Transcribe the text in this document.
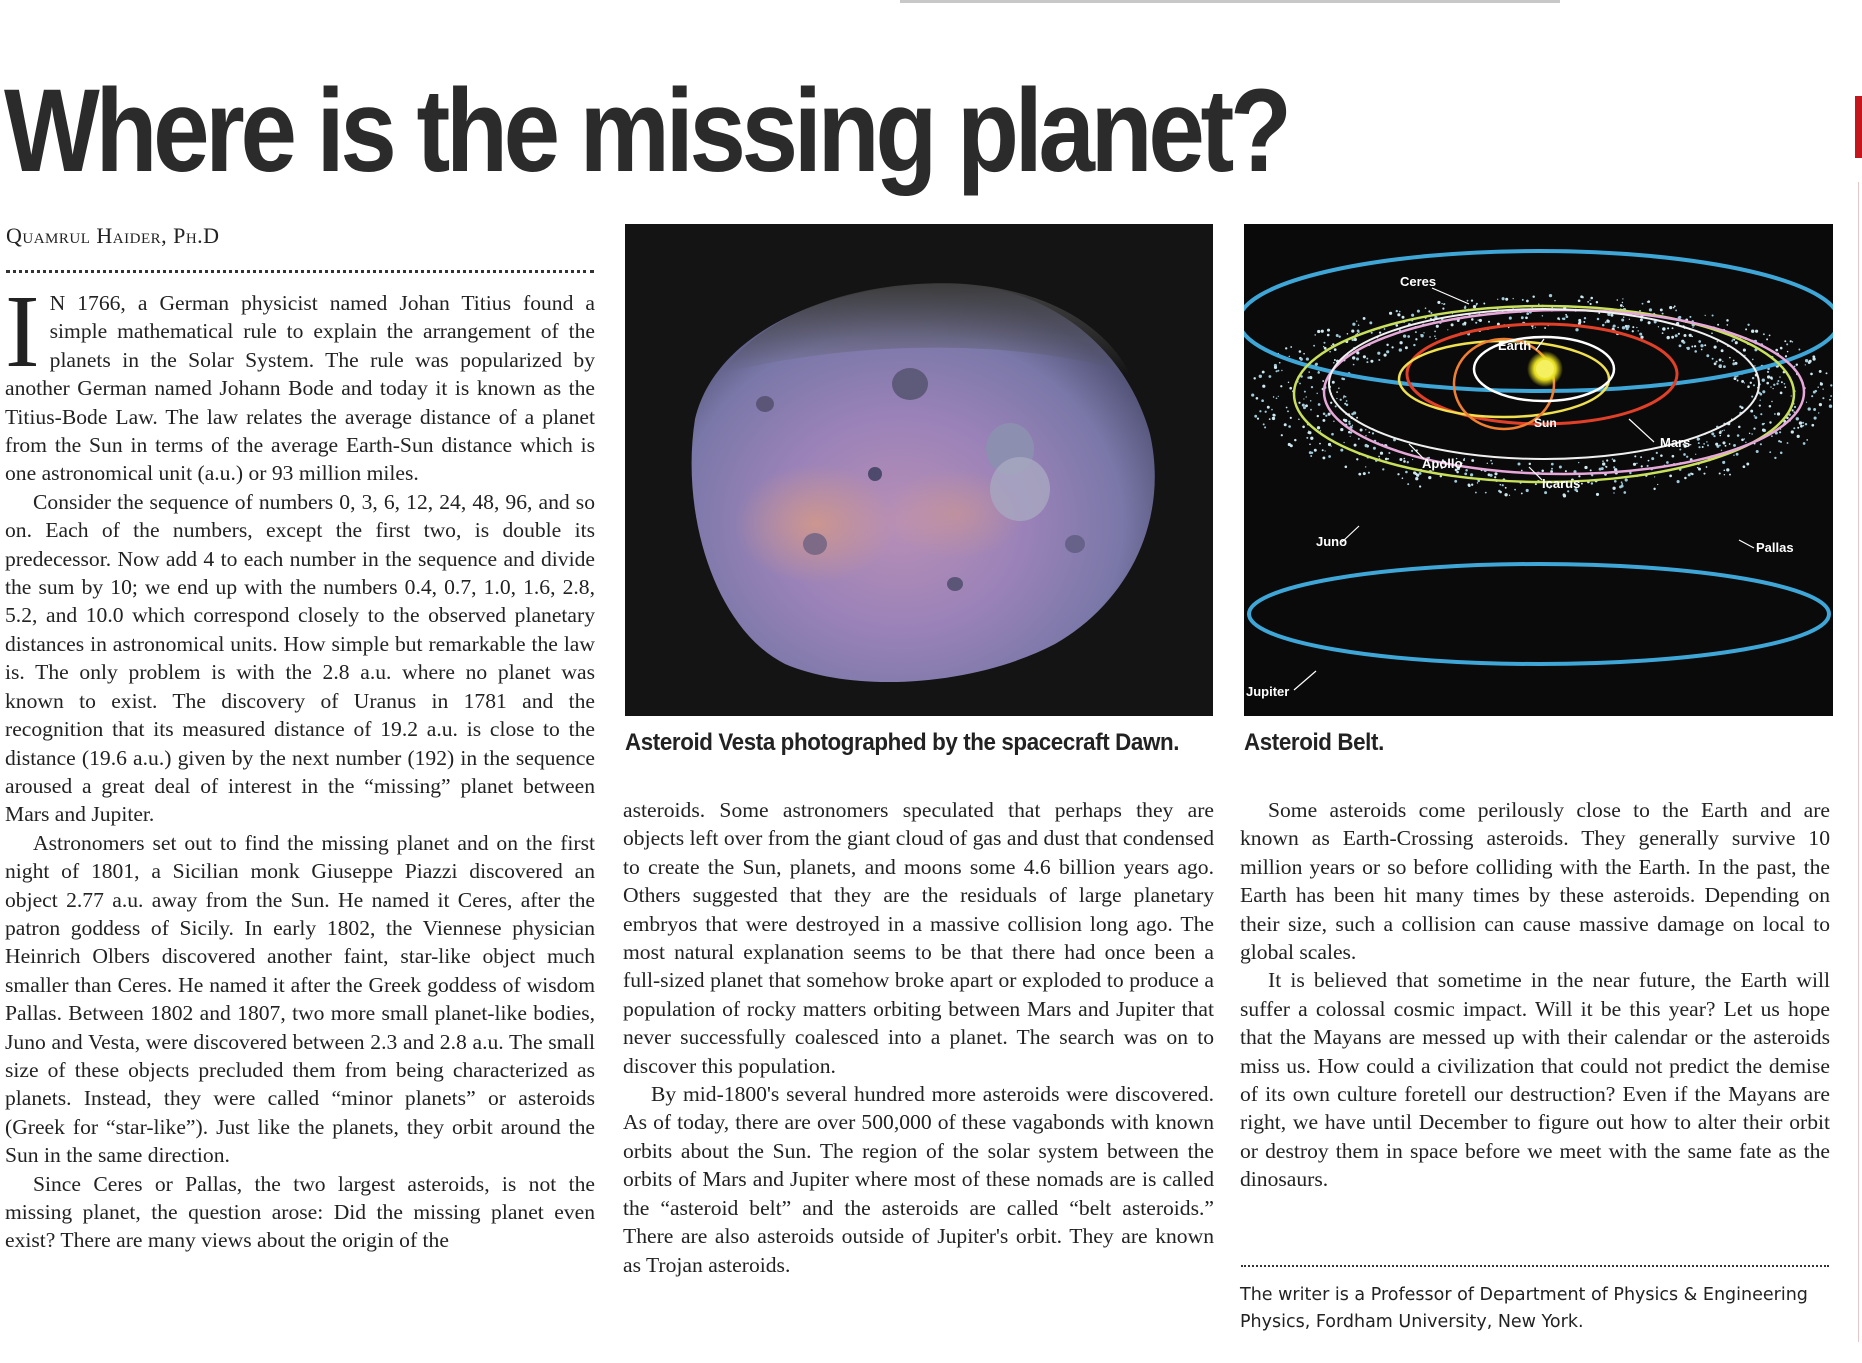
Where is the missing planet?
Quamrul Haider, Ph.D
I N 1766, a German physicist named Johan Titius found a simple mathematical rule to explain the arrangement of the planets in the Solar System. The rule was popularized by another German named Johann Bode and today it is known as the Titius-Bode Law. The law relates the average distance of a planet from the Sun in terms of the average Earth-Sun distance which is one astronomical unit (a.u.) or 93 million miles.

Consider the sequence of numbers 0, 3, 6, 12, 24, 48, 96, and so on. Each of the numbers, except the first two, is double its predecessor. Now add 4 to each number in the sequence and divide the sum by 10; we end up with the numbers 0.4, 0.7, 1.0, 1.6, 2.8, 5.2, and 10.0 which correspond closely to the observed planetary distances in astronomical units. How simple but remarkable the law is. The only problem is with the 2.8 a.u. where no planet was known to exist. The discovery of Uranus in 1781 and the recognition that its measured distance of 19.2 a.u. is close to the distance (19.6 a.u.) given by the next number (192) in the sequence aroused a great deal of interest in the “missing” planet between Mars and Jupiter.

Astronomers set out to find the missing planet and on the first night of 1801, a Sicilian monk Giuseppe Piazzi discovered an object 2.77 a.u. away from the Sun. He named it Ceres, after the patron goddess of Sicily. In early 1802, the Viennese physician Heinrich Olbers discovered another faint, star-like object much smaller than Ceres. He named it after the Greek goddess of wisdom Pallas. Between 1802 and 1807, two more small planet-like bodies, Juno and Vesta, were discovered between 2.3 and 2.8 a.u. The small size of these objects precluded them from being characterized as planets. Instead, they were called “minor planets” or asteroids (Greek for “star-like”). Just like the planets, they orbit around the Sun in the same direction.

Since Ceres or Pallas, the two largest asteroids, is not the missing planet, the question arose: Did the missing planet even exist? There are many views about the origin of the

Asteroid Vesta photographed by the spacecraft Dawn.
Ceres
Earth
Sun
Mars
Apollo
Icarus
Juno	Pallas
Jupiter
Asteroid Belt.

asteroids. Some astronomers speculated that perhaps they are objects left over from the giant cloud of gas and dust that condensed to create the Sun, planets, and moons some 4.6 billion years ago. Others suggested that they are the residuals of large planetary embryos that were destroyed in a massive collision long ago. The most natural explanation seems to be that there had once been a full-sized planet that somehow broke apart or exploded to produce a population of rocky matters orbiting between Mars and Jupiter that never successfully coalesced into a planet. The search was on to discover this population.

By mid-1800's several hundred more asteroids were discovered. As of today, there are over 500,000 of these vagabonds with known orbits about the Sun. The region of the solar system between the orbits of Mars and Jupiter where most of these nomads are is called the “asteroid belt” and the asteroids are called “belt asteroids.” There are also asteroids outside of Jupiter's orbit. They are known as Trojan asteroids.

Some asteroids come perilously close to the Earth and are known as Earth-Crossing asteroids. They generally survive 10 million years or so before colliding with the Earth. In the past, the Earth has been hit many times by these asteroids. Depending on their size, such a collision can cause massive damage on local to global scales.

It is believed that sometime in the near future, the Earth will suffer a colossal cosmic impact. Will it be this year? Let us hope that the Mayans are messed up with their calendar or the asteroids miss us. How could a civilization that could not predict the demise of its own culture foretell our destruction? Even if the Mayans are right, we have until December to figure out how to alter their orbit or destroy them in space before we meet with the same fate as the dinosaurs.

The writer is a Professor of Department of Physics & Engineering Physics, Fordham University, New York.
